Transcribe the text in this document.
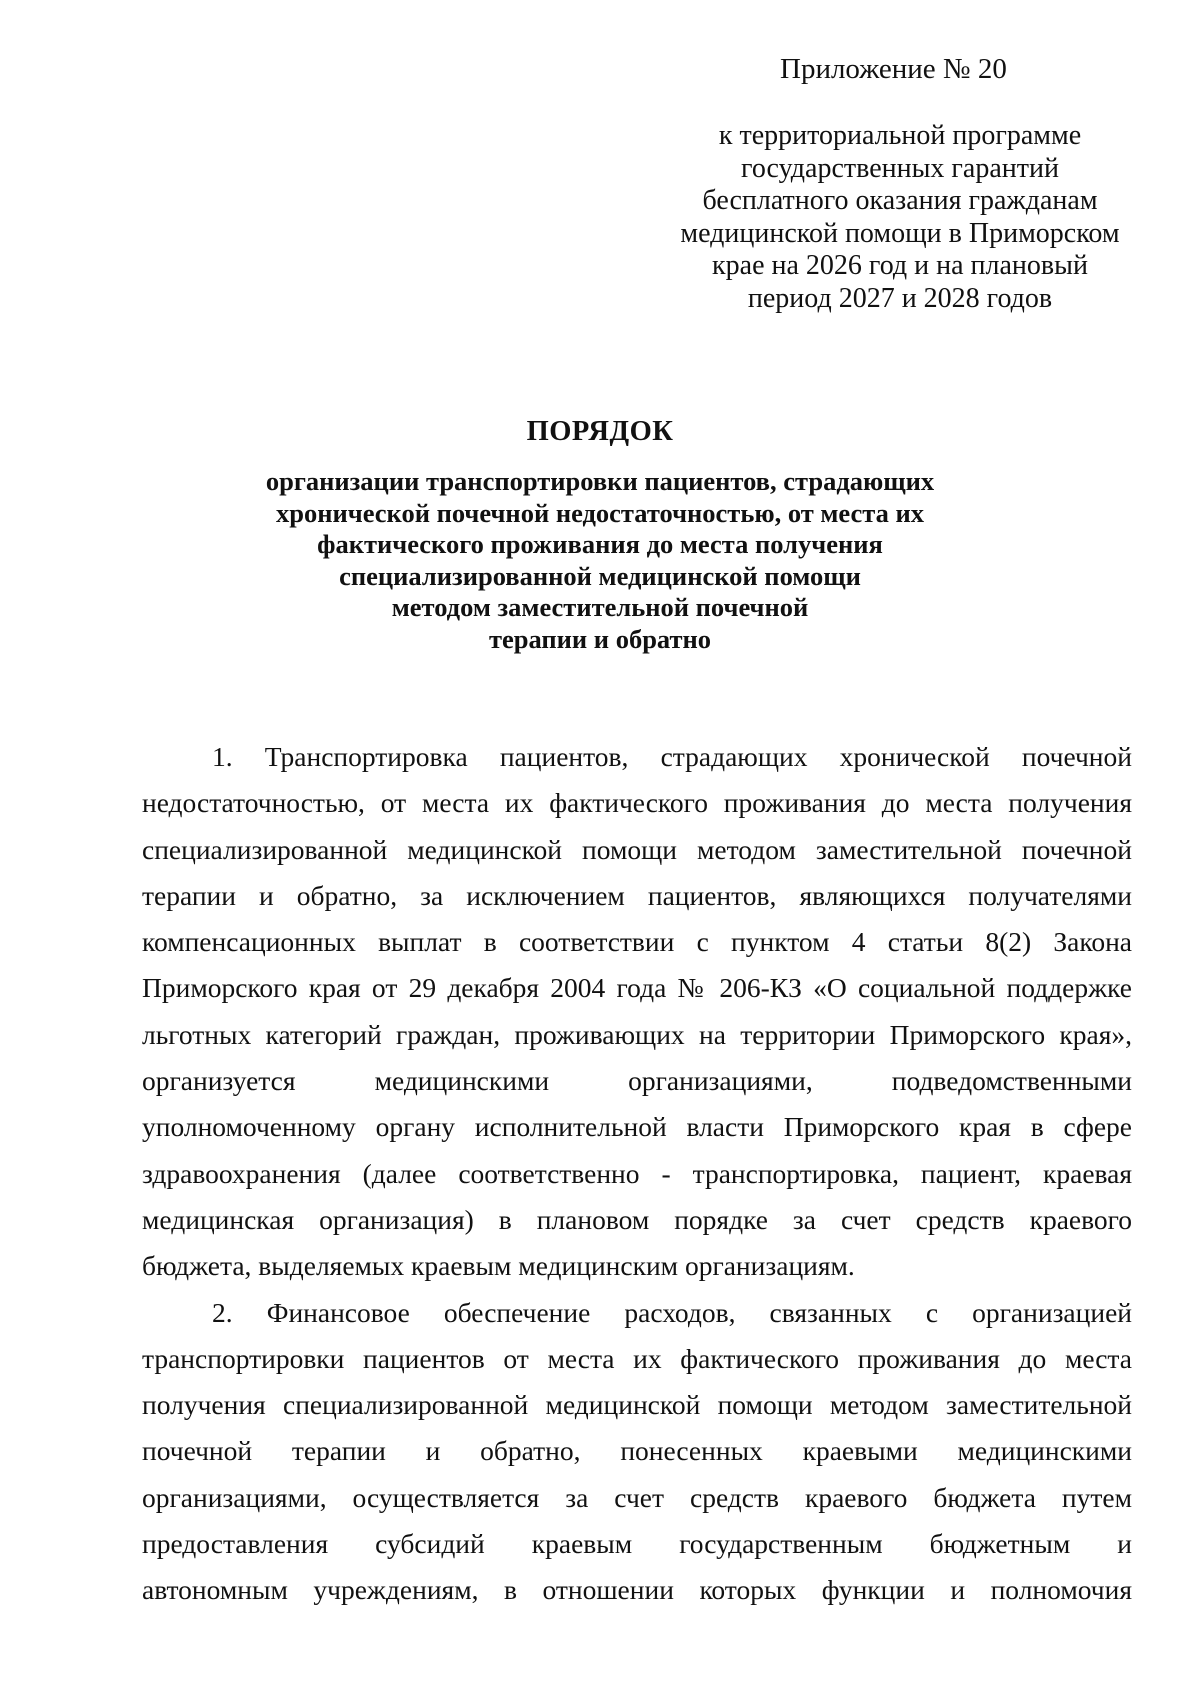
Приложение № 20
к территориальной программе
государственных гарантий
бесплатного оказания гражданам
медицинской помощи в Приморском
крае на 2026 год и на плановый
период 2027 и 2028 годов
ПОРЯДОК
организации транспортировки пациентов, страдающих
хронической почечной недостаточностью, от места их
фактического проживания до места получения
специализированной медицинской помощи
методом заместительной почечной
терапии и обратно
1. Транспортировка пациентов, страдающих хронической почечной
недостаточностью, от места их фактического проживания до места получения
специализированной медицинской помощи методом заместительной почечной
терапии и обратно, за исключением пациентов, являющихся получателями
компенсационных выплат в соответствии с пунктом 4 статьи 8(2) Закона
Приморского края от 29 декабря 2004 года № 206-КЗ «О социальной поддержке
льготных категорий граждан, проживающих на территории Приморского края»,
организуется медицинскими организациями, подведомственными
уполномоченному органу исполнительной власти Приморского края в сфере
здравоохранения (далее соответственно - транспортировка, пациент, краевая
медицинская организация) в плановом порядке за счет средств краевого
бюджета, выделяемых краевым медицинским организациям.
2. Финансовое обеспечение расходов, связанных с организацией
транспортировки пациентов от места их фактического проживания до места
получения специализированной медицинской помощи методом заместительной
почечной терапии и обратно, понесенных краевыми медицинскими
организациями, осуществляется за счет средств краевого бюджета путем
предоставления субсидий краевым государственным бюджетным и
автономным учреждениям, в отношении которых функции и полномочия
